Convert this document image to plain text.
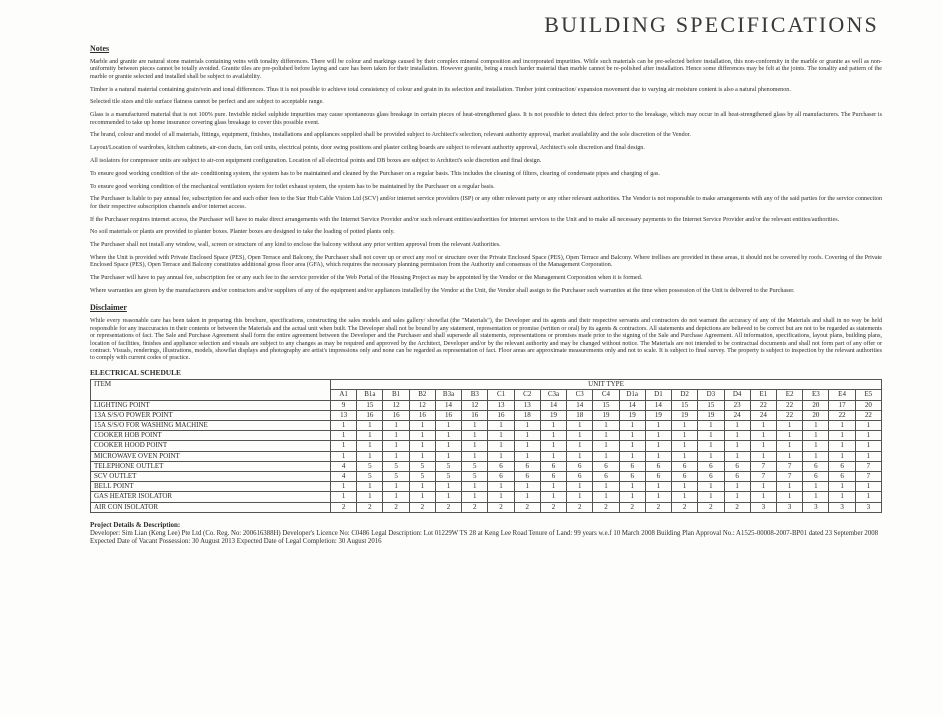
BUILDING SPECIFICATIONS
Notes

Marble and granite are natural stone materials containing veins with tonality differences. There will be colour and markings caused by their complex mineral composition and incorporated impurities. While such materials can be pre-selected before installation, this non-conformity in the marble or granite as well as non-uniformity between pieces cannot be totally avoided. Granite tiles are pre-polished before laying and care has been taken for their installation. However granite, being a much harder material than marble cannot be re-polished after installation. Hence some differences may be felt at the joints. The tonality and pattern of the marble or granite selected and installed shall be subject to availability.

Timber is a natural material containing grain/vein and tonal differences. Thus it is not possible to achieve total consistency of colour and grain in its selection and installation. Timber joint contraction/ expansion movement due to varying air moisture content is also a natural phenomenon.

Selected tile sizes and tile surface flatness cannot be perfect and are subject to acceptable range.

Glass is a manufactured material that is not 100% pure. Invisible nickel sulphide impurities may cause spontaneous glass breakage in certain pieces of heat-strengthened glass. It is not possible to detect this defect prior to the breakage, which may occur in all heat-strengthened glass by all manufacturers. The Purchaser is recommended to take up home insurance covering glass breakage to cover this possible event.

The brand, colour and model of all materials, fittings, equipment, finishes, installations and appliances supplied shall be provided subject to Architect's selection, relevant authority approval, market availability and the sole discretion of the Vendor.

Layout/Location of wardrobes, kitchen cabinets, air-con ducts, fan coil units, electrical points, door swing positions and plaster ceiling boards are subject to relevant authority approval, Architect's sole discretion and final design.

All isolators for compressor units are subject to air-con equipment configuration. Location of all electrical points and DB boxes are subject to Architect's sole discretion and final design.

To ensure good working condition of the air- conditioning system, the system has to be maintained and cleaned by the Purchaser on a regular basis. This includes the cleaning of filters, clearing of condensate pipes and charging of gas.

To ensure good working condition of the mechanical ventilation system for toilet exhaust system, the system has to be maintained by the Purchaser on a regular basis.

The Purchaser is liable to pay annual fee, subscription fee and such other fees to the Star Hub Cable Vision Ltd (SCV) and/or internet service providers (ISP) or any other relevant party or any other relevant authorities. The Vendor is not responsible to make arrangements with any of the said parties for the service connection for their respective subscription channels and/or internet access.

If the Purchaser requires internet access, the Purchaser will have to make direct arrangements with the Internet Service Provider and/or such relevant entities/authorities for internet services to the Unit and to make all necessary payments to the Internet Service Provider and/or the relevant entities/authorities.

No soil materials or plants are provided to planter boxes. Planter boxes are designed to take the loading of potted plants only.

The Purchaser shall not install any window, wall, screen or structure of any kind to enclose the balcony without any prior written approval from the relevant Authorities.

Where the Unit is provided with Private Enclosed Space (PES), Open Terrace and Balcony, the Purchaser shall not cover up or erect any roof or structure over the Private Enclosed Space (PES), Open Terrace and Balcony. Where trellises are provided in these areas, it should not be covered by roofs. Covering of the Private Enclosed Space (PES), Open Terrace and Balcony constitutes additional gross floor area (GFA), which requires the necessary planning permission from the Authority and consensus of the Management Corporation.

The Purchaser will have to pay annual fee, subscription fee or any such fee to the service provider of the Web Portal of the Housing Project as may be appointed by the Vendor or the Management Corporation when it is formed.

Where warranties are given by the manufacturers and/or contractors and/or suppliers of any of the equipment and/or appliances installed by the Vendor at the Unit, the Vendor shall assign to the Purchaser such warranties at the time when possession of the Unit is delivered to the Purchaser.

Disclaimer

While every reasonable care has been taken in preparing this brochure, specifications, constructing the sales models and sales gallery/ showflat (the "Materials"), the Developer and its agents and their respective servants and contractors do not warrant the accuracy of any of the Materials and shall in no way be held responsible for any inaccuracies in their contents or between the Materials and the actual unit when built. The Developer shall not be bound by any statement, representation or promise (written or oral) by its agents & contractors. All statements and depictions are believed to be correct but are not to be regarded as statements or representations of fact. The Sale and Purchase Agreement shall form the entire agreement between the Developer and the Purchaser and shall supersede all statements, representations or promises made prior to the signing of the Sale and Purchase Agreement. All information, specifications, layout plans, building plans, location of facilities, finishes and appliance selection and visuals are subject to any changes as may be required and approved by the Architect, Developer and/or by the relevant authority and may be changed without notice. The Materials are not intended to be contractual documents and shall not form part of any offer or contract. Visuals, renderings, illustrations, models, showflat displays and photography are artist's impressions only and none can be regarded as representation of fact. Floor areas are approximate measurements only and not to scale. It is subject to final survey. The property is subject to inspection by the relevant authorities to comply with current codes of practice.

ELECTRICAL SCHEDULE
ITEM	UNIT TYPE																				
	A1	B1a	B1	B2	B3a	B3	C1	C2	C3a	C3	C4	D1a	D1	D2	D3	D4	E1	E2	E3	E4	E5
LIGHTING POINT	9	15	12	12	14	12	13	13	14	14	15	14	14	15	15	23	22	22	20	17	20
13A S/S/O POWER POINT	13	16	16	16	16	16	16	18	19	18	19	19	19	19	19	24	24	22	20	22	22
15A S/S/O FOR WASHING MACHINE	1	1	1	1	1	1	1	1	1	1	1	1	1	1	1	1	1	1	1	1	1
COOKER HOB POINT	1	1	1	1	1	1	1	1	1	1	1	1	1	1	1	1	1	1	1	1	1
COOKER HOOD POINT	1	1	1	1	1	1	1	1	1	1	1	1	1	1	1	1	1	1	1	1	1
MICROWAVE OVEN POINT	1	1	1	1	1	1	1	1	1	1	1	1	1	1	1	1	1	1	1	1	1
TELEPHONE OUTLET	4	5	5	5	5	5	6	6	6	6	6	6	6	6	6	6	7	7	6	6	7
SCV OUTLET	4	5	5	5	5	5	6	6	6	6	6	6	6	6	6	6	7	7	6	6	7
BELL POINT	1	1	1	1	1	1	1	1	1	1	1	1	1	1	1	1	1	1	1	1	1
GAS HEATER ISOLATOR	1	1	1	1	1	1	1	1	1	1	1	1	1	1	1	1	1	1	1	1	1
AIR CON ISOLATOR	2	2	2	2	2	2	2	2	2	2	2	2	2	2	2	2	3	3	3	3	3
Project Details & Description:

Developer: Sim Lian (Keng Lee) Pte Ltd (Co. Reg. No: 200616388H) Developer's Licence No: C0486 Legal Description: Lot 01229W TS 28 at Keng Lee Road Tenure of Land: 99 years w.e.f 10 March 2008 Building Plan Approval No.: A1525-00008-2007-BP01 dated 23 September 2008 Expected Date of Vacant Possession: 30 August 2013 Expected Date of Legal Completion: 30 August 2016
